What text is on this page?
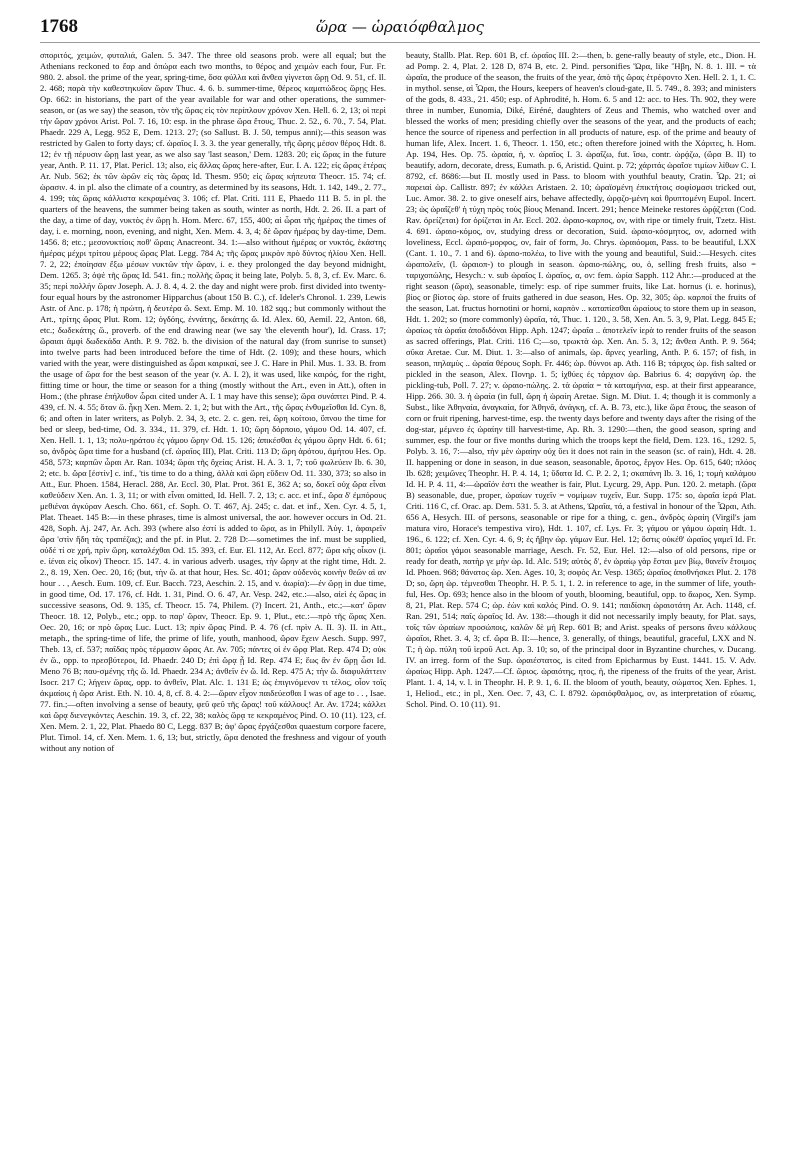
1768	ὥρα — ὡραιόφθαλμος

σποριτός, χειμών, φυταλιά, Galen. 5. 347. The three old seasons prob. were all equal; but the Athenians reckoned to ἔαρ and ὀπώρα each two months, to θέρος and χειμών each four, Fur. Fr. 980. 2. absol. the prime of the year, spring-time, ὅσα φύλλα καὶ ἄνθεα γίγνεται ὥρῃ Od. 9. 51, cf. Il. 2. 468; παρὰ τὴν καθεστηκυῖαν ὥραν Thuc. 4. 6. b. summer-time, θέρεος καματώδεος ὥρῃς Hes. Op. 662: in historians, the part of the year available for war and other operations, the summer-season, or (as we say) the season, τὸν τῆς ὥρας εἰς τὸν περίπλουν χρόνον Xen. Hell. 6. 2, 13; οἱ περὶ τὴν ὥραν χρόνοι Arist. Pol. 7. 16, 10: esp. in the phrase ὥρα ἔτους, Thuc. 2. 52., 6. 70., 7. 54, Plat. Phaedr. 229 A, Legg. 952 E, Dem. 1213. 27; (so Sallust. B. J. 50, tempus anni);—this season was restricted by Galen to forty days; cf. ὡραῖος I. 3. 3. the year generally, τῆς ὥρης μέσον θέρος Hdt. 8. 12; ἐν τῇ πέρυσιν ὥρῃ last year, as we also say 'last season,' Dem. 1283. 20; εἰς ὥρας in the future year, Anth. P. 11. 17, Plat. Pericl. 13; also, εἰς ἄλλας ὥρας here-after, Eur. I. A. 122; εἰς ὥρας ἑτέρας Ar. Nub. 562; ἐκ τῶν ὡρῶν εἰς τὰς ὥρας Id. Thesm. 950; εἰς ὥρας κήπευτα Theocr. 15. 74; cf. ὡρασιν. 4. in pl. also the climate of a country, as determined by its seasons, Hdt. 1. 142, 149., 2. 77., 4. 199; τὰς ὥρας κάλλιστα κεκραμένας 3. 106; cf. Plat. Criti. 111 E, Phaedo 111 B. 5. in pl. the quarters of the heavens, the summer being taken as south, winter as north, Hdt. 2. 26. II. a part of the day, a time of day, νυκτὸς ἐν ὥρῃ h. Hom. Merc. 67, 155, 400; αἱ ὧραι τῆς ἡμέρας the times of day, i. e. morning, noon, evening, and night, Xen. Mem. 4. 3, 4; δὲ ὥραν ἡμέρας by day-time, Dem. 1456. 8; etc.; μεσονυκτίοις ποθ' ὥραις Anacreont. 34. 1:—also without ἡμέρας or νυκτός, ἑκάστης ἡμέρας μέχρι τρίτου μέρους ὥρας Plat. Legg. 784 A; τῆς ὥρας μικρὸν πρὸ δύντος ἡλίου Xen. Hell. 7. 2, 22; ἐποίησαν ἔξω μέσων νυκτῶν τὴν ὥραν, i. e. they prolonged the day beyond midnight, Dem. 1265. 3; ὀψὲ τῆς ὥρας Id. 541. fin.; πολλῆς ὥρας it being late, Polyb. 5. 8, 3, cf. Ev. Marc. 6. 35; περὶ πολλὴν ὥραν Joseph. A. J. 8. 4, 4. 2. the day and night were prob. first divided into twenty-four equal hours by the astronomer Hipparchus (about 150 B. C.), cf. Ideler's Chronol. 1. 239, Lewis Astr. of Anc. p. 178; ἡ πρώτη, ἡ δευτέρα ὥ. Sext. Emp. M. 10. 182 sqq.; but commonly without the Art., τρίτης ὥρας Plut. Rom. 12; ὀγδόης, ἐννάτης, δεκάτης ὥ. Id. Alex. 60, Aemil. 22, Anton. 68, etc.; δωδεκάτης ὥ., proverb. of the end drawing near (we say 'the eleventh hour'), Id. Crass. 17; ὥραιαι ἀμφὶ δωδεκάδα Anth. P. 9. 782. b. the division of the natural day (from sunrise to sunset) into twelve parts had been introduced before the time of Hdt. (2. 109); and these hours, which varied with the year, were distinguished as ὧραι καιρικαί, see J. C. Hare in Phil. Mus. 1. 33. B. from the usage of ὥρα for the best season of the year (v. A. I. 2), it was used, like καιρός, for the right, fitting time or hour, the time or season for a thing (mostly without the Art., even in Att.), often in Hom.; (the phrase ἐπήλυθον ὧραι cited under A. I. 1 may have this sense); ὥρα συνάπτει Pind. P. 4. 439, cf. N. 4. 55; ὅταν ὥ. ᾖκῃ Xen. Mem. 2. 1, 2; but with the Art., τῆς ὥρας ἐνθυμεῖσθαι Id. Cyn. 8, 6; and often in later writers, as Polyb. 2. 34, 3, etc. 2. c. gen. rei, ὥρη κοίτοιο, ὕπνου the time for bed or sleep, bed-time, Od. 3. 334., 11. 379, cf. Hdt. 1. 10; ὥρη δόρποιο, γάμου Od. 14. 407, cf. Xen. Hell. 1. 1, 13; πολυ-ηράτου ἐς γάμου ὥρην Od. 15. 126; ἀπικέσθαι ἐς γάμου ὥρην Hdt. 6. 61; so, ἀνδρὸς ὥρα time for a husband (cf. ὡραῖος III), Plat. Criti. 113 D; ὥρη ἀρότου, ἀμήτου Hes. Op. 458, 573; καρπῶν ὧραι Ar. Ran. 1034; ὥραι τῆς ὄχείας Arist. H. A. 3. 1, 7; τοῦ φωλεύειν Ib. 6. 30, 2; etc. b. ὥρα [ἐστίν] c. inf., 'tis time to do a thing, ἀλλὰ καὶ ὥρη εὕδειν Od. 11. 330, 373; so also in Att., Eur. Phoen. 1584, Heracl. 288, Ar. Eccl. 30, Plat. Prot. 361 E, 362 A; so, δοκεῖ οὐχ ὥρα εἶναι καθεύδειν Xen. An. 1. 3, 11; or with εἶναι omitted, Id. Hell. 7. 2, 13; c. acc. et inf., ὥρα δ' ἐμπόρους μεθιέναι ἀγκύραν Aesch. Cho. 661, cf. Soph. O. T. 467, Aj. 245; c. dat. et inf., Xen. Cyr. 4. 5, 1, Plat. Theaet. 145 B:—in these phrases, time is almost universal, the aor. however occurs in Od. 21. 428, Soph. Aj. 247, Ar. Ach. 393 (where also ἐστί is added to ὥρα, as in Philyll. Ἀὐγ. 1, ἀφαιρεῖν ὥρα 'στὶν ἤδη τὰς τραπέζας); and the pf. in Plut. 2. 728 D:—sometimes the inf. must be supplied, οὐδέ τί σε χρή, πρὶν ὥρη, καταλέχθαι Od. 15. 393, cf. Eur. El. 112, Ar. Eccl. 877; ὥρα κὴς οἶκον (i. e. ἰέναι εἰς οἶκον) Theocr. 15. 147. 4. in various adverb. usages, τὴν ὥρην at the right time, Hdt. 2. 2., 8. 19, Xen. Oec. 20, 16; (but, τὴν ὥ. at that hour, Hes. Sc. 401; ὥραν οὐδενὸς κοινὴν θεῶν αἱ αν hour . . , Aesch. Eum. 109, cf. Eur. Bacch. 723, Aeschin. 2. 15, and v. ἀωρία):—ἐν ὥρῃ in due time, in good time, Od. 17. 176, cf. Hdt. 1. 31, Pind. O. 6. 47, Ar. Vesp. 242, etc.:—also, αἰεὶ ἐς ὥρας in successive seasons, Od. 9. 135, cf. Theocr. 15. 74, Philem. (?) Incert. 21, Anth., etc.;—κατ' ὥραν Theocr. 18. 12, Polyb., etc.; opp. to παρ' ὥραν, Theocr. Ep. 9. 1, Plut., etc.:—πρὸ τῆς ὥρας Xen. Oec. 20, 16; or πρὸ ὥρας Luc. Luct. 13; πρὶν ὥρας Pind. P. 4. 76 (cf. πρὶν A. II. 3). II. in Att., metaph., the spring-time of life, the prime of life, youth, manhood, ὥραν ἔχειν Aesch. Supp. 997, Theb. 13, cf. 537; παῖδας πρὸς τέρμασιν ὥρας Ar. Av. 705; πάντες οἱ ἐν ὥρᾳ Plat. Rep. 474 D; οὐκ ἐν ὥ., opp. to πρεσβύτεροι, Id. Phaedr. 240 D; ἐπὶ ὥρᾳ ᾖ Id. Rep. 474 E; ἕως ἂν ἐν ὥρῃ ὦσι Id. Meno 76 B; παυ-σμένης τῆς ὥ. Id. Phaedr. 234 A; ἀνθεῖν ἐν ὥ. Id. Rep. 475 A; τὴν ὥ. διαφυλάττειν Isocr. 217 C; λήγειν ὥρας, opp. to ἀνθεῖν, Plat. Alc. 1. 131 E; ὡς ἐπιγινόμενον τι τέλος, οἷον τοῖς ἀκμαίοις ἡ ὥρα Arist. Eth. N. 10. 4, 8, cf. 8. 4. 2:—ὥραν εἶχον παιδεύεσθαι I was of age to . . , Isae. 77. fin.;—often involving a sense of beauty, φεῦ φεῦ τῆς ὥρας! τοῦ κάλλους! Ar. Av. 1724; κάλλει καὶ ὥρᾳ διενεγκόντες Aeschin. 19. 3, cf. 22, 38; καλὸς ὥρᾳ τε κεκραμένος Pind. O. 10 (11). 123, cf. Xen. Mem. 2. 1, 22, Plat. Phaedo 80 C, Legg. 837 B; ἀφ' ὥρας ἐργάζεσθαι quaestum corpore facere, Plut. Timol. 14, cf. Xen. Mem. 1. 6, 13; but, strictly, ὥρα denoted the freshness and vigour of youth without any notion of

beauty, Stallb. Plat. Rep. 601 B, cf. ὡραῖος III. 2:—then, b. gene-rally beauty of style, etc., Dion. H. ad Pomp. 2. 4, Plat. 2. 128 D, 874 B, etc. 2. Pind. personifies Ὥρα, like Ἥβη, N. 8. 1. III. = τὰ ὡραῖα, the produce of the season, the fruits of the year, ἀπὸ τῆς ὥρας ἐτρέφοντο Xen. Hell. 2. 1, 1. C. in mythol. sense, αἱ Ὧραι, the Hours, keepers of heaven's cloud-gate, Il. 5. 749., 8. 393; and ministers of the gods, 8. 433., 21. 450; esp. of Aphrodité, h. Hom. 6. 5 and 12: acc. to Hes. Th. 902, they were three in number, Eunomia, Diké, Eiréné, daughters of Zeus and Themis, who watched over and blessed the works of men; presiding chiefly over the seasons of the year, and the products of each; hence the source of ripeness and perfection in all products of nature, esp. of the prime and beauty of human life, Alex. Incert. 1. 6, Theocr. 1. 150, etc.; often therefore joined with the Χάριτες, h. Hom. Ap. 194, Hes. Op. 75. ὡραία, ἡ, v. ὡραῖος I. 3. ὡραΐζω, fut. ἴσω, contr. ὡρᾴζω, (ὥρα B. II) to beautify, adorn, decorate, dress, Eumath. p. 6, Aristid. Quint. p. 72; χάριτάς ὡραΐσε τιμίων λίθων C. I. 8792, cf. 8686:—but II. mostly used in Pass. to bloom with youthful beauty, Cratin. Ὧρ. 21; αἱ παρειαὶ ὡρ. Callistr. 897; ἐν κάλλει Aristaen. 2. 10; ὡραϊσμένη ἐπικτήτοις σοφίσμασι tricked out, Luc. Amor. 38. 2. to give oneself airs, behave affectedly, ὡρᾳζο-μένη καὶ θρυπτομένη Eupol. Incert. 23; ὡς ὡραΐζεθ' ἡ τύχη πρὸς τοὺς βίους Menand. Incert. 291; hence Meineke restores ὡρᾴζεται (Cod. Rav. ὀρείζεται) for ὀρίζεται in Ar. Eccl. 202. ὡραιο-καρπος, ον, with ripe or timely fruit, Tzetz. Hist. 4. 691. ὡραιο-κόμος, ον, studying dress or decoration, Suid. ὡραιο-κόσμητος, ον, adorned with loveliness, Eccl. ὡραιό-μορφος, ον, fair of form, Jo. Chrys. ὡραιόομαι, Pass. to be beautiful, LXX (Cant. 1. 10., 7. 1 and 6). ὡραιο-πολέω, to live with the young and beautiful, Suid.:—Hesych. cites ὡραπολεῖν, (l. ὡραιοπ-) to plough in season. ὡραιο-πώλης, ου, ὁ, selling fresh fruits, also = ταριχοπώλης, Hesych.: v. sub ὡραῖος I. ὡραῖος, α, ον: fem. ὡρία Sapph. 112 Ahr.:—produced at the right season (ὥρα), seasonable, timely: esp. of ripe summer fruits, like Lat. hornus (i. e. horinus), βίος or βίοτος ὡρ. store of fruits gathered in due season, Hes. Op. 32, 305; ὡρ. καρποί the fruits of the season, Lat. fructus hornotini or horni, καρπὸν .. καταπίεσθαι ὡραίους to store them up in season, Hdt. 1. 202; so (more commonly) ὡραῖα, τά, Thuc. 1. 120., 3. 58, Xen. An. 5. 3, 9, Plat. Legg. 845 E; ὡραίως τὰ ὡραῖα ἀποδιδόναι Hipp. Aph. 1247; ὡραῖα .. ἀποτελεῖν ἱερὰ to render fruits of the season as sacred offerings, Plat. Criti. 116 C;—so, τρωκτὰ ὡρ. Xen. An. 5. 3, 12; ἄνθεα Anth. P. 9. 564; σῦκα Aretae. Cur. M. Diut. 1. 3:—also of animals, ὡρ. ἄρνες yearling, Anth. P. 6. 157; of fish, in season, πηλαμὺς .. ὡραία θέρους Soph. Fr. 446; ὡρ. θύννοι ap. Ath. 116 B; τάριχος ὡρ. fish salted or pickled in the season, Alex. Πονηρ. 1. 5; ἰχθύες ἐς τάρχιον ὡρ. Babrius 6. 4; σαργάνη ὡρ. the pickling-tub, Poll. 7. 27; v. ὡραιο-πώλης. 2. τὰ ὡραία = τὰ καταμήνια, esp. at their first appearance, Hipp. 266. 30. 3. ἡ ὡραία (in full, ὥρη ἡ ὡραίη Aretae. Sign. M. Diut. 1. 4; though it is commonly a Subst., like Ἀθηναία, ἀναγκαία, for Ἀθηνᾶ, ἀνάγκη, cf. A. B. 73, etc.), like ὥρα ἔτους, the season of corn or fruit ripening, harvest-time, esp. the twenty days before and twenty days after the rising of the dog-star, μέμνεο ἐς ὡραίην till harvest-time, Ap. Rh. 3. 1290:—then, the good season, spring and summer, esp. the four or five months during which the troops kept the field, Dem. 123. 16., 1292. 5, Polyb. 3. 16, 7:—also, τὴν μὲν ὡραίην οὐχ ὕει it does not rain in the season (sc. of rain), Hdt. 4. 28. II. happening or done in season, in due season, seasonable, ἄροτος, ἔργον Hes. Op. 615, 640; πλόος Ib. 628; χειμῶνες Theophr. H. P. 4. 14, 1; ὕδατα Id. C. P. 2. 2, 1; σκαπάνη Ib. 3. 16, 1; τομὴ καλάμου Id. H. P. 4. 11, 4:—ὡραῖόν ἐστι the weather is fair, Plut. Lycurg. 29, App. Pun. 120. 2. metaph. (ὥρα B) seasonable, due, proper, ὡραίων τυχεῖν = νομίμων τυχεῖν, Eur. Supp. 175: so, ὡραῖα ἱερά Plat. Criti. 116 C, cf. Orac. ap. Dem. 531. 5. 3. at Athens, Ὡραῖα, τά, a festival in honour of the Ὧραι, Ath. 656 A, Hesych. III. of persons, seasonable or ripe for a thing, c. gen., ἀνδρὸς ὡραίη (Virgil's jam matura viro, Horace's tempestiva viro), Hdt. 1. 107, cf. Lys. Fr. 3; γάμου or γάμου ὡραίη Hdt. 1. 196., 6. 122; cf. Xen. Cyr. 4. 6, 9; ἐς ἥβην ὡρ. γάμων Eur. Hel. 12; ὅστις οὐκέθ' ὡραῖος γαμεῖ Id. Fr. 801; ὡραῖοι γάμοι seasonable marriage, Aesch. Fr. 52, Eur. Hel. 12:—also of old persons, ripe or ready for death, πατὴρ γε μὴν ὡρ. Id. Alc. 519; αὐτὸς δ', ἐν ὡραίῳ γὰρ ἔσται μεν βίῳ, θανεῖν ἕτοιμος Id. Phoen. 968; θάνατος ὡρ. Xen. Ages. 10, 3; σοφὸς Ar. Vesp. 1365; ὡραῖος ἀποθνήσκει Plut. 2. 178 D; so, ὥρη ὡρ. τέμνεσθαι Theophr. H. P. 5. 1, 1. 2. in reference to age, in the summer of life, youth-ful, Hes. Op. 693; hence also in the bloom of youth, blooming, beautiful, opp. to ἄωρος, Xen. Symp. 8, 21, Plat. Rep. 574 C; ὡρ. ἐὼν καὶ καλός Pind. O. 9. 141; παιδίσκη ὡραιοτάτη Ar. Ach. 1148, cf. Ran. 291, 514; παῖς ὡραῖος Id. Av. 138:—though it did not necessarily imply beauty, for Plat. says, τοῖς τῶν ὡραίων προσώποις, καλῶν δὲ μή Rep. 601 B; and Arist. speaks of persons ἄνευ κάλλους ὡραῖοι, Rhet. 3. 4, 3; cf. ὥρα B. II:—hence, 3. generally, of things, beautiful, graceful, LXX and N. T.; ἡ ὡρ. πύλη τοῦ ἱεροῦ Act. Ap. 3. 10; so, of the principal door in Byzantine churches, v. Ducang. IV. an irreg. form of the Sup. ὡραιέστατος, is cited from Epicharmus by Eust. 1441. 15. V. Adv. ὡραίως Hipp. Aph. 1247.—Cf. ὥριος. ὡραιότης, ητος, ἡ, the ripeness of the fruits of the year, Arist. Plant. 1. 4, 14, v. l. in Theophr. H. P. 9. 1, 6. II. the bloom of youth, beauty, σώματος Xen. Ephes. 1, 1, Heliod., etc.; in pl., Xen. Oec. 7, 43, C. I. 8792. ὡραιόφθαλμος, ον, as interpretation of εὐωπις, Schol. Pind. O. 10 (11). 91.
